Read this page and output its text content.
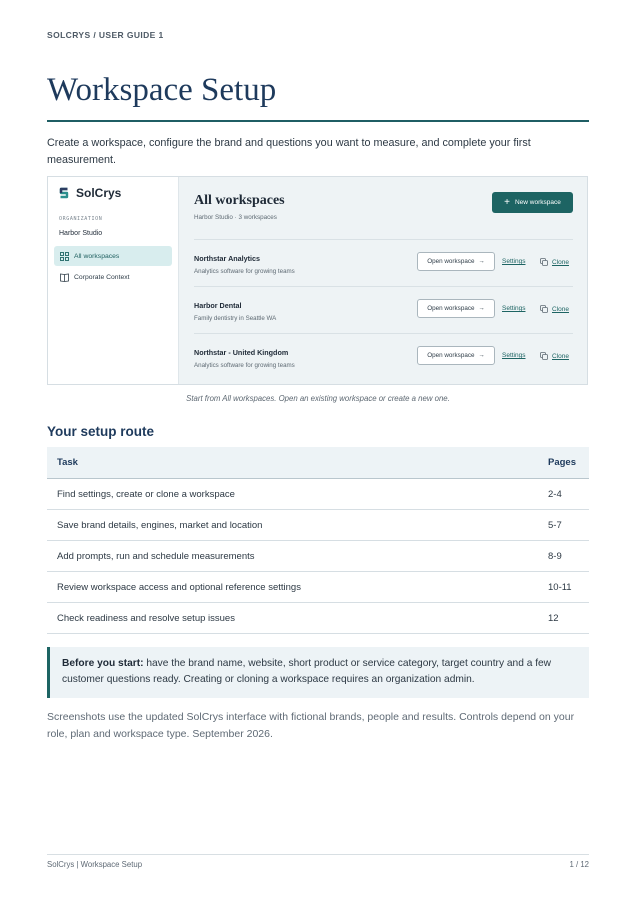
SOLCRYS / USER GUIDE 1
Workspace Setup

Create a workspace, configure the brand and questions you want to measure, and complete your first measurement.

SolCrys
ORGANIZATION
Harbor Studio
All workspaces
Corporate Context
All workspaces
Harbor Studio · 3 workspaces
+ New workspace
Northstar Analytics
Analytics software for growing teams
Open workspace →	Settings	Clone
Harbor Dental
Family dentistry in Seattle WA
Open workspace →	Settings	Clone
Northstar - United Kingdom
Analytics software for growing teams
Open workspace →	Settings	Clone
Start from All workspaces. Open an existing workspace or create a new one.
Your setup route
Task	Pages
Find settings, create or clone a workspace	2-4
Save brand details, engines, market and location	5-7
Add prompts, run and schedule measurements	8-9
Review workspace access and optional reference settings	10-11
Check readiness and resolve setup issues	12
Before you start: have the brand name, website, short product or service category, target country and a few customer questions ready. Creating or cloning a workspace requires an organization admin.

Screenshots use the updated SolCrys interface with fictional brands, people and results. Controls depend on your role, plan and workspace type. September 2026.

SolCrys | Workspace Setup	1 / 12
